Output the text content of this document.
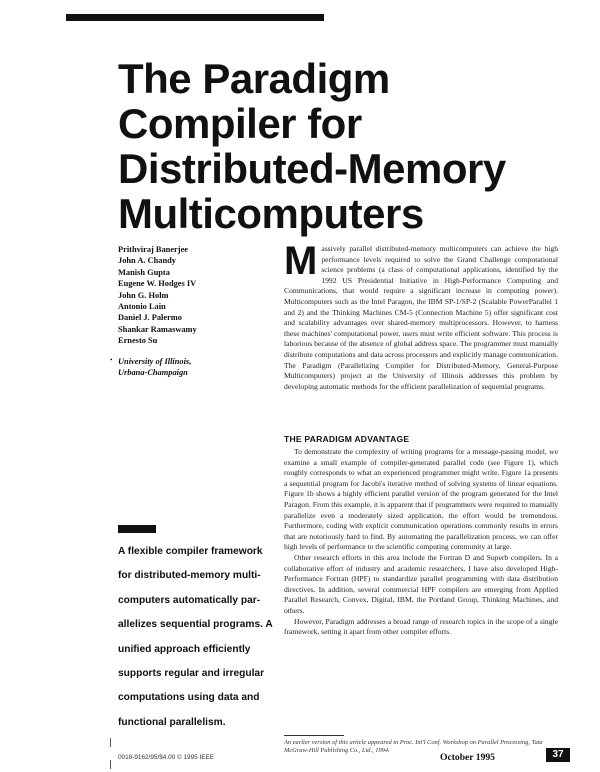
The Paradigm
Compiler for
Distributed-Memory
Multicomputers
Prithviraj Banerjee
John A. Chandy
Manish Gupta
Eugene W. Hodges IV
John G. Holm
Antonio Lain
Daniel J. Palermo
Shankar Ramaswamy
Ernesto Su
• University of Illinois,
Urbana-Champaign
Massively parallel distributed-memory multicomputers can achieve the high performance levels required to solve the Grand Challenge computational science problems (a class of computational applications, identified by the 1992 US Presidential Initiative in High-Performance Computing and Communications, that would require a significant increase in computing power). Multicomputers such as the Intel Paragon, the IBM SP-1/SP-2 (Scalable PowerParallel 1 and 2) and the Thinking Machines CM-5 (Connection Machine 5) offer significant cost and scalability advantages over shared-memory multiprocessors. However, to harness these machines' computational power, users must write efficient software. This process is laborious because of the absence of global address space. The programmer must manually distribute computations and data across processors and explicitly manage communication. The Paradigm (Parallelizing Compiler for Distributed-Memory, General-Purpose Multicomputers) project at the University of Illinois addresses this problem by developing automatic methods for the efficient parallelization of sequential programs.
THE PARADIGM ADVANTAGE

To demonstrate the complexity of writing programs for a message-passing model, we examine a small example of compiler-generated parallel code (see Figure 1), which roughly corresponds to what an experienced programmer might write. Figure 1a presents a sequential program for Jacobi's iterative method of solving systems of linear equations. Figure 1b shows a highly efficient parallel version of the program generated for the Intel Paragon. From this example, it is apparent that if programmers were required to manually parallelize even a moderately sized application, the effort would be tremendous. Furthermore, coding with explicit communication operations commonly results in errors that are notoriously hard to find. By automating the parallelization process, we can offer high levels of performance to the scientific computing community at large.

Other research efforts in this area include the Fortran D and Superb compilers. In a collaborative effort of industry and academic researchers, I have also developed High-Performance Fortran (HPF) to standardize parallel programming with data distribution directives. In addition, several commercial HPF compilers are emerging from Applied Parallel Research, Convex, Digital, IBM, the Portland Group, Thinking Machines, and others.

However, Paradigm addresses a broad range of research topics in the scope of a single framework, setting it apart from other compiler efforts.

A flexible compiler framework for distributed-memory multi-computers automatically par-allelizes sequential programs. A unified approach efficiently supports regular and irregular computations using data and functional parallelism.

An earlier version of this article appeared in Proc. Int'l Conf. Workshop on Parallel Processing, Tata McGraw-Hill Publishing Co., Ltd., 1994.
0018-9162/95/$4.00 © 1995 IEEE	October 1995	37
